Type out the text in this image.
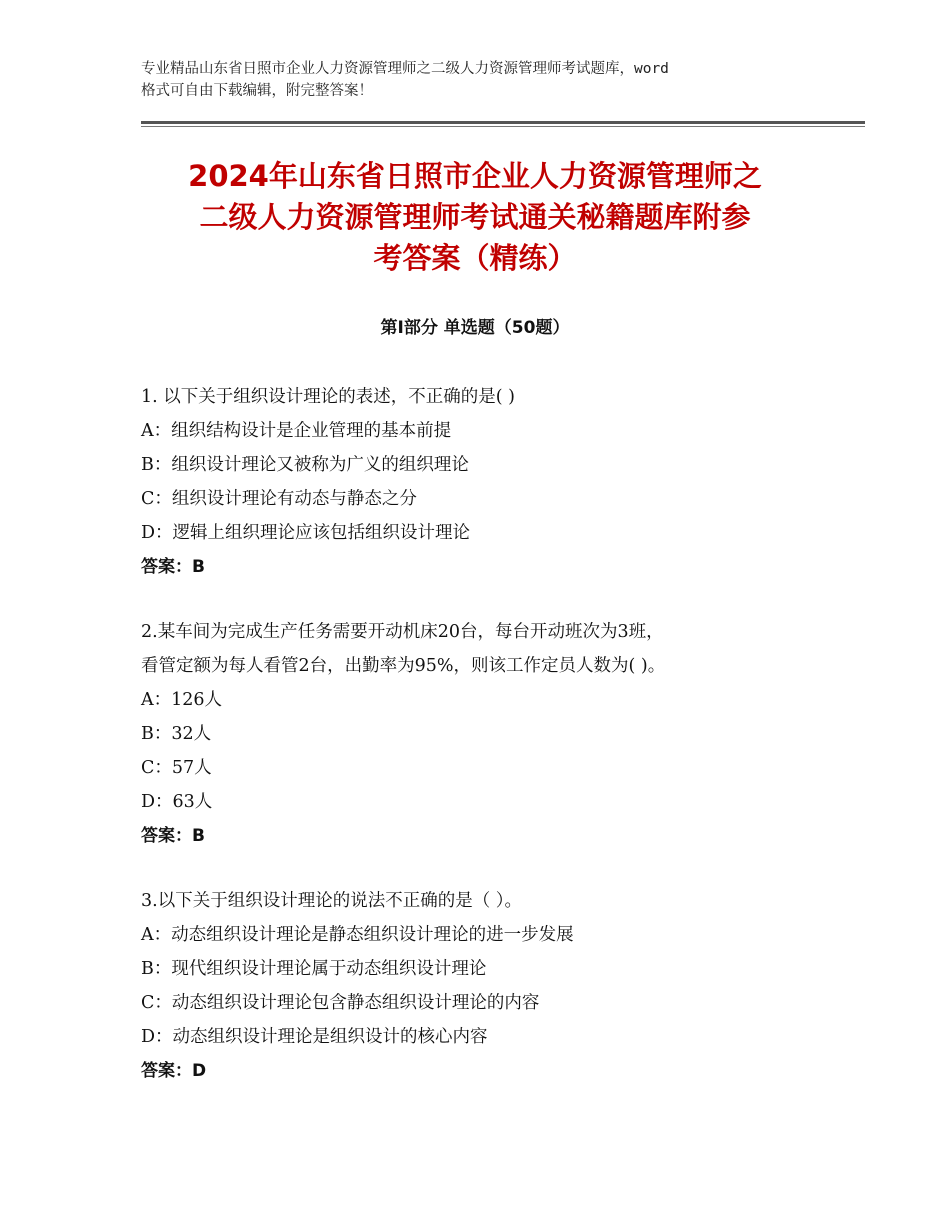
专业精品山东省日照市企业人力资源管理师之二级人力资源管理师考试题库，word
格式可自由下载编辑，附完整答案！
2024年山东省日照市企业人力资源管理师之
二级人力资源管理师考试通关秘籍题库附参
考答案（精练）
第Ⅰ部分 单选题（50题）
1. 以下关于组织设计理论的表述，不正确的是( )
A：组织结构设计是企业管理的基本前提
B：组织设计理论又被称为广义的组织理论
C：组织设计理论有动态与静态之分
D：逻辑上组织理论应该包括组织设计理论
答案：B
2.某车间为完成生产任务需要开动机床20台，每台开动班次为3班，
看管定额为每人看管2台，出勤率为95%，则该工作定员人数为( )。
A：126人
B：32人
C：57人
D：63人
答案：B
3.以下关于组织设计理论的说法不正确的是（ ）。
A：动态组织设计理论是静态组织设计理论的进一步发展
B：现代组织设计理论属于动态组织设计理论
C：动态组织设计理论包含静态组织设计理论的内容
D：动态组织设计理论是组织设计的核心内容
答案：D
